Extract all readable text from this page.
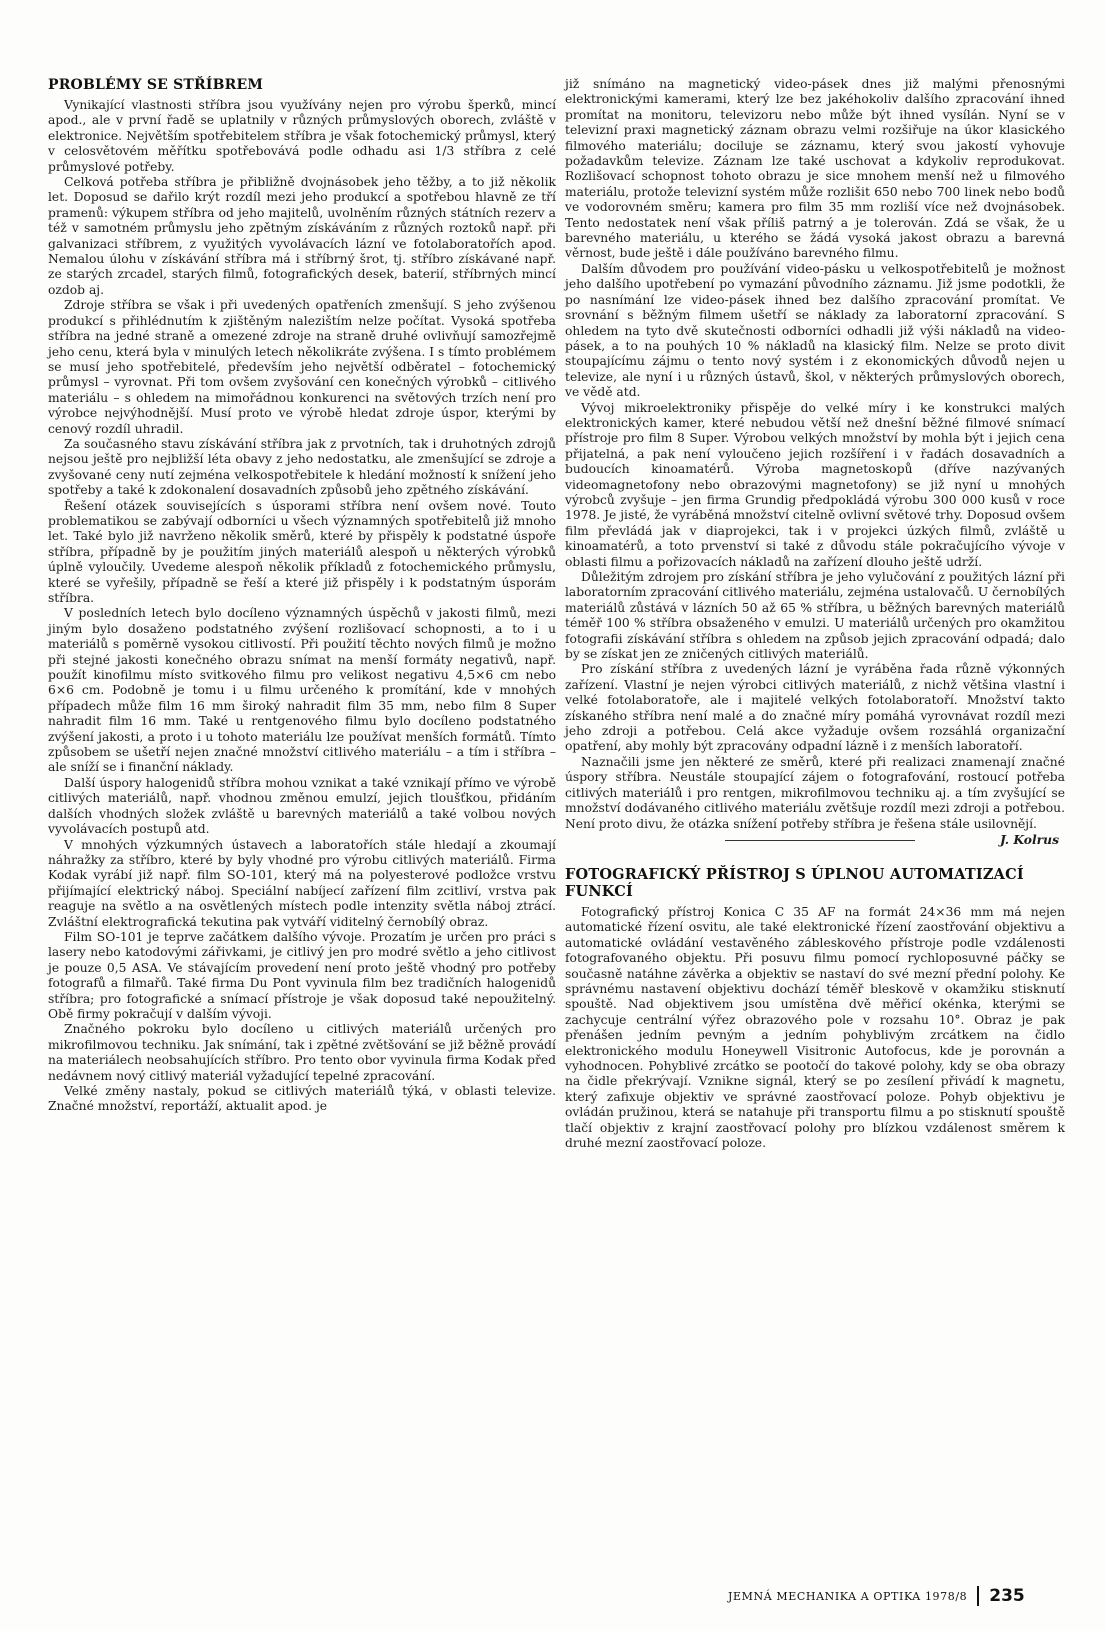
PROBLÉMY SE STŘÍBREM

Vynikající vlastnosti stříbra jsou využívány nejen pro výrobu šperků, mincí apod., ale v první řadě se uplatnily v různých průmyslových oborech, zvláště v elektronice. Největším spotřebitelem stříbra je však fotochemický průmysl, který v celosvětovém měřítku spotřebovává podle odhadu asi 1/3 stříbra z celé průmyslové potřeby.

Celková potřeba stříbra je přibližně dvojnásobek jeho těžby, a to již několik let. Doposud se dařilo krýt rozdíl mezi jeho produkcí a spotřebou hlavně ze tří pramenů: výkupem stříbra od jeho majitelů, uvolněním různých státních rezerv a též v samotném průmyslu jeho zpětným získáváním z různých roztoků např. při galvanizaci stříbrem, z využitých vyvolávacích lázní ve fotolaboratořích apod. Nemalou úlohu v získávání stříbra má i stříbrný šrot, tj. stříbro získávané např. ze starých zrcadel, starých filmů, fotografických desek, baterií, stříbrných mincí ozdob aj.

Zdroje stříbra se však i při uvedených opatřeních zmenšují. S jeho zvýšenou produkcí s přihlédnutím k zjištěným nalezištím nelze počítat. Vysoká spotřeba stříbra na jedné straně a omezené zdroje na straně druhé ovlivňují samozřejmě jeho cenu, která byla v minulých letech několikráte zvýšena. I s tímto problémem se musí jeho spotřebitelé, především jeho největší odběratel – fotochemický průmysl – vyrovnat. Při tom ovšem zvyšování cen konečných výrobků – citlivého materiálu – s ohledem na mimořádnou konkurenci na světových trzích není pro výrobce nejvýhodnější. Musí proto ve výrobě hledat zdroje úspor, kterými by cenový rozdíl uhradil.

Za současného stavu získávání stříbra jak z prvotních, tak i druhotných zdrojů nejsou ještě pro nejbližší léta obavy z jeho nedostatku, ale zmenšující se zdroje a zvyšované ceny nutí zejména velkospotřebitele k hledání možností k snížení jeho spotřeby a také k zdokonalení dosavadních způsobů jeho zpětného získávání.

Řešení otázek souvisejících s úsporami stříbra není ovšem nové. Touto problematikou se zabývají odborníci u všech významných spotřebitelů již mnoho let. Také bylo již navrženo několik směrů, které by přispěly k podstatné úspoře stříbra, případně by je použitím jiných materiálů alespoň u některých výrobků úplně vyloučily. Uvedeme alespoň několik příkladů z fotochemického průmyslu, které se vyřešily, případně se řeší a které již přispěly i k podstatným úsporám stříbra.

V posledních letech bylo docíleno významných úspěchů v jakosti filmů, mezi jiným bylo dosaženo podstatného zvýšení rozlišovací schopnosti, a to i u materiálů s poměrně vysokou citlivostí. Při použití těchto nových filmů je možno při stejné jakosti konečného obrazu snímat na menší formáty negativů, např. použít kinofilmu místo svitkového filmu pro velikost negativu 4,5×6 cm nebo 6×6 cm. Podobně je tomu i u filmu určeného k promítání, kde v mnohých případech může film 16 mm široký nahradit film 35 mm, nebo film 8 Super nahradit film 16 mm. Také u rentgenového filmu bylo docíleno podstatného zvýšení jakosti, a proto i u tohoto materiálu lze používat menších formátů. Tímto způsobem se ušetří nejen značné množství citlivého materiálu – a tím i stříbra – ale sníží se i finanční náklady.

Další úspory halogenidů stříbra mohou vznikat a také vznikají přímo ve výrobě citlivých materiálů, např. vhodnou změnou emulzí, jejich tloušťkou, přidáním dalších vhodných složek zvláště u barevných materiálů a také volbou nových vyvolávacích postupů atd.

V mnohých výzkumných ústavech a laboratořích stále hledají a zkoumají náhražky za stříbro, které by byly vhodné pro výrobu citlivých materiálů. Firma Kodak vyrábí již např. film SO-101, který má na polyesterové podložce vrstvu přijímající elektrický náboj. Speciální nabíjecí zařízení film zcitliví, vrstva pak reaguje na světlo a na osvětlených místech podle intenzity světla náboj ztrácí. Zvláštní elektrografická tekutina pak vytváří viditelný černobílý obraz.

Film SO-101 je teprve začátkem dalšího vývoje. Prozatím je určen pro práci s lasery nebo katodovými zářivkami, je citlivý jen pro modré světlo a jeho citlivost je pouze 0,5 ASA. Ve stávajícím provedení není proto ještě vhodný pro potřeby fotografů a filmařů. Také firma Du Pont vyvinula film bez tradičních halogenidů stříbra; pro fotografické a snímací přístroje je však doposud také nepoužitelný. Obě firmy pokračují v dalším vývoji.

Značného pokroku bylo docíleno u citlivých materiálů určených pro mikrofilmovou techniku. Jak snímání, tak i zpětné zvětšování se již běžně provádí na materiálech neobsahujících stříbro. Pro tento obor vyvinula firma Kodak před nedávnem nový citlivý materiál vyžadující tepelné zpracování.

Velké změny nastaly, pokud se citlivých materiálů týká, v oblasti televize. Značné množství, reportáží, aktualit apod. je

již snímáno na magnetický video-pásek dnes již malými přenosnými elektronickými kamerami, který lze bez jakéhokoliv dalšího zpracování ihned promítat na monitoru, televizoru nebo může být ihned vysílán. Nyní se v televizní praxi magnetický záznam obrazu velmi rozšiřuje na úkor klasického filmového materiálu; dociluje se záznamu, který svou jakostí vyhovuje požadavkům televize. Záznam lze také uschovat a kdykoliv reprodukovat. Rozlišovací schopnost tohoto obrazu je sice mnohem menší než u filmového materiálu, protože televizní systém může rozlišit 650 nebo 700 linek nebo bodů ve vodorovném směru; kamera pro film 35 mm rozliší více než dvojnásobek. Tento nedostatek není však příliš patrný a je tolerován. Zdá se však, že u barevného materiálu, u kterého se žádá vysoká jakost obrazu a barevná věrnost, bude ještě i dále používáno barevného filmu.

Dalším důvodem pro používání video-pásku u velkospotřebitelů je možnost jeho dalšího upotřebení po vymazání původního záznamu. Již jsme podotkli, že po nasnímání lze video-pásek ihned bez dalšího zpracování promítat. Ve srovnání s běžným filmem ušetří se náklady za laboratorní zpracování. S ohledem na tyto dvě skutečnosti odborníci odhadli již výši nákladů na video-pásek, a to na pouhých 10 % nákladů na klasický film. Nelze se proto divit stoupajícímu zájmu o tento nový systém i z ekonomických důvodů nejen u televize, ale nyní i u různých ústavů, škol, v některých průmyslových oborech, ve vědě atd.

Vývoj mikroelektroniky přispěje do velké míry i ke konstrukci malých elektronických kamer, které nebudou větší než dnešní běžné filmové snímací přístroje pro film 8 Super. Výrobou velkých množství by mohla být i jejich cena přijatelná, a pak není vyloučeno jejich rozšíření i v řadách dosavadních a budoucích kinoamatérů. Výroba magnetoskopů (dříve nazývaných videomagnetofony nebo obrazovými magnetofony) se již nyní u mnohých výrobců zvyšuje – jen firma Grundig předpokládá výrobu 300 000 kusů v roce 1978. Je jisté, že vyráběná množství citelně ovlivní světové trhy. Doposud ovšem film převládá jak v diaprojekci, tak i v projekci úzkých filmů, zvláště u kinoamatérů, a toto prvenství si také z důvodu stále pokračujícího vývoje v oblasti filmu a pořizovacích nákladů na zařízení dlouho ještě udrží.

Důležitým zdrojem pro získání stříbra je jeho vylučování z použitých lázní při laboratorním zpracování citlivého materiálu, zejména ustalovačů. U černobílých materiálů zůstává v lázních 50 až 65 % stříbra, u běžných barevných materiálů téměř 100 % stříbra obsaženého v emulzi. U materiálů určených pro okamžitou fotografii získávání stříbra s ohledem na způsob jejich zpracování odpadá; dalo by se získat jen ze zničených citlivých materiálů.

Pro získání stříbra z uvedených lázní je vyráběna řada různě výkonných zařízení. Vlastní je nejen výrobci citlivých materiálů, z nichž většina vlastní i velké fotolaboratoře, ale i majitelé velkých fotolaboratoří. Množství takto získaného stříbra není malé a do značné míry pomáhá vyrovnávat rozdíl mezi jeho zdroji a potřebou. Celá akce vyžaduje ovšem rozsáhlá organizační opatření, aby mohly být zpracovány odpadní lázně i z menších laboratoří.

Naznačili jsme jen některé ze směrů, které při realizaci znamenají značné úspory stříbra. Neustále stoupající zájem o fotografování, rostoucí potřeba citlivých materiálů i pro rentgen, mikrofilmovou techniku aj. a tím zvyšující se množství dodávaného citlivého materiálu zvětšuje rozdíl mezi zdroji a potřebou. Není proto divu, že otázka snížení potřeby stříbra je řešena stále usilovnějí.

J. Kolrus

FOTOGRAFICKÝ PŘÍSTROJ S ÚPLNOU AUTOMATIZACÍ FUNKCÍ

Fotografický přístroj Konica C 35 AF na formát 24×36 mm má nejen automatické řízení osvitu, ale také elektronické řízení zaostřování objektivu a automatické ovládání vestavěného zábleskového přístroje podle vzdálenosti fotografovaného objektu. Při posuvu filmu pomocí rychloposuvné páčky se současně natáhne závěrka a objektiv se nastaví do své mezní přední polohy. Ke správnému nastavení objektivu dochází téměř bleskově v okamžiku stisknutí spouště. Nad objektivem jsou umístěna dvě měřicí okénka, kterými se zachycuje centrální výřez obrazového pole v rozsahu 10°. Obraz je pak přenášen jedním pevným a jedním pohyblivým zrcátkem na čidlo elektronického modulu Honeywell Visitronic Autofocus, kde je porovnán a vyhodnocen. Pohyblivé zrcátko se pootočí do takové polohy, kdy se oba obrazy na čidle překrývají. Vznikne signál, který se po zesílení přivádí k magnetu, který zafixuje objektiv ve správné zaostřovací poloze. Pohyb objektivu je ovládán pružinou, která se natahuje při transportu filmu a po stisknutí spouště tlačí objektiv z krajní zaostřovací polohy pro blízkou vzdálenost směrem k druhé mezní zaostřovací poloze.

JEMNÁ MECHANIKA A OPTIKA 1978/8 235
